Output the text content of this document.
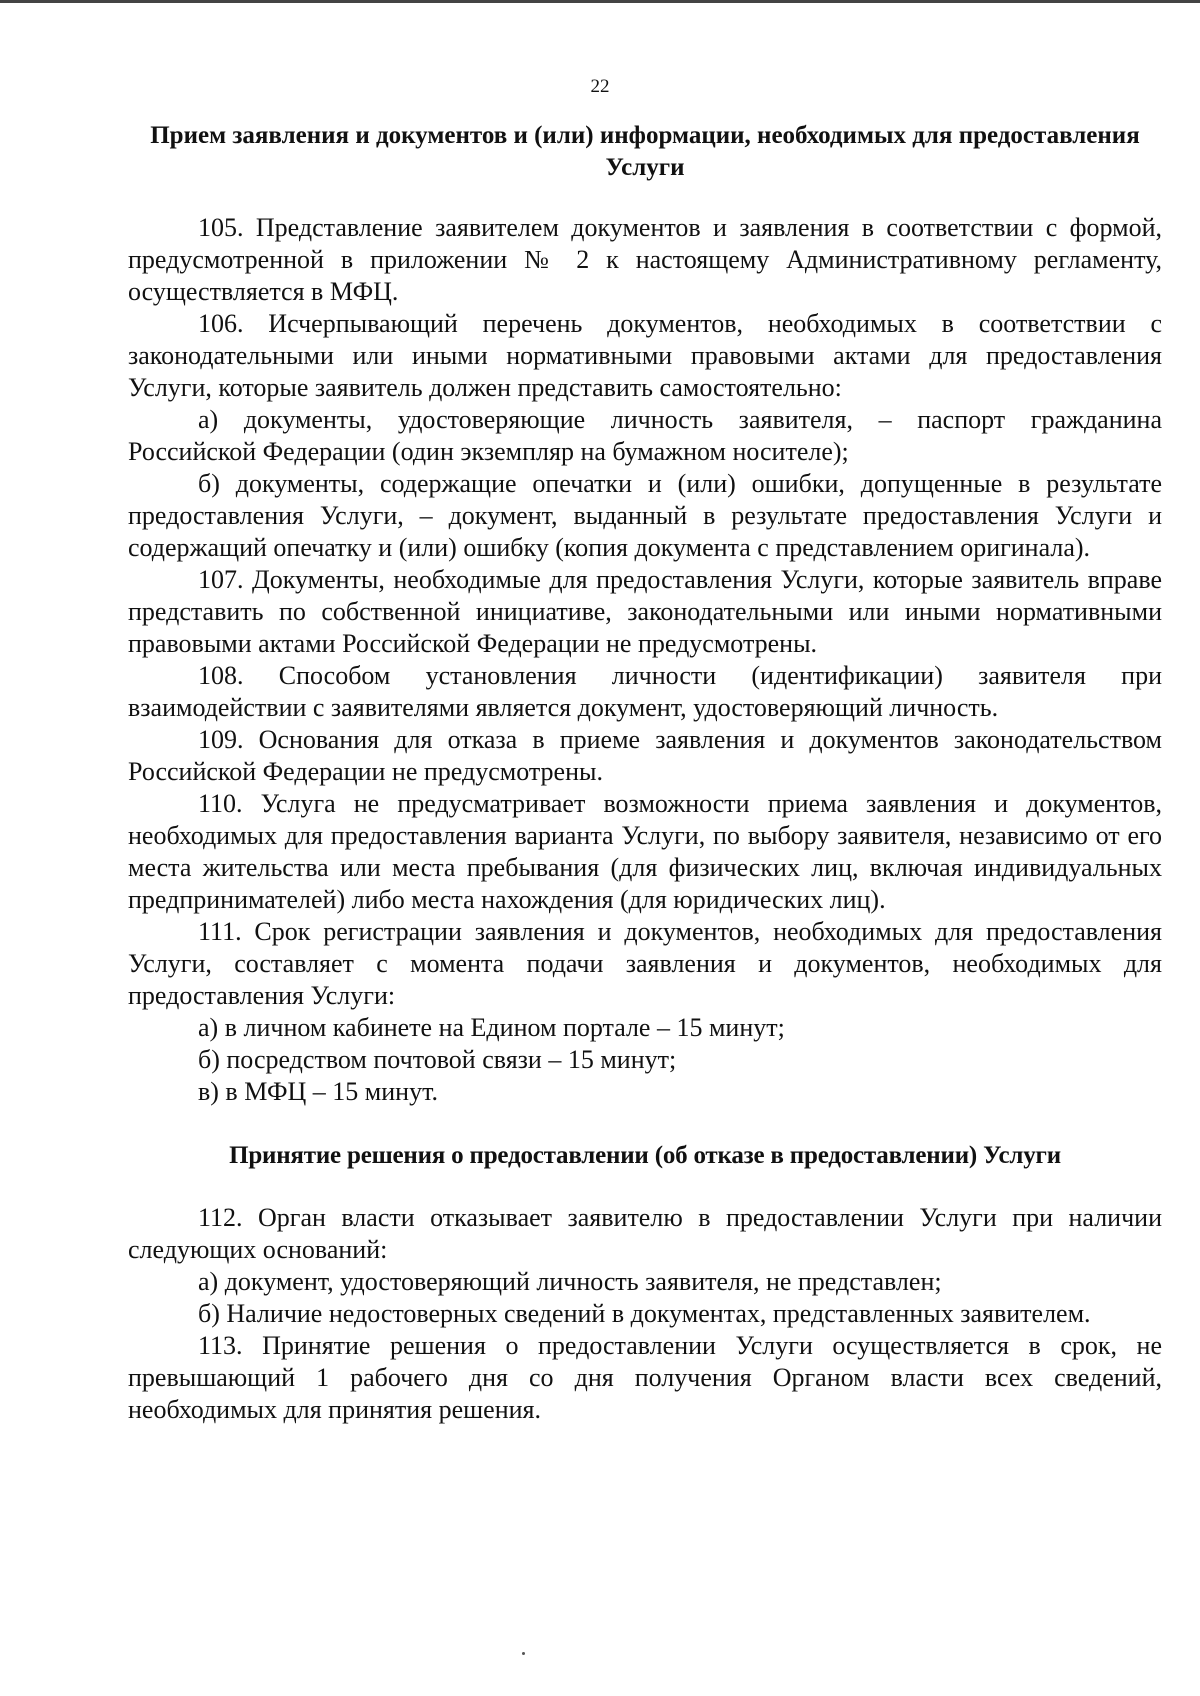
22
Прием заявления и документов и (или) информации, необходимых для предоставления Услуги

105. Представление заявителем документов и заявления в соответствии с формой, предусмотренной в приложении № 2 к настоящему Административному регламенту, осуществляется в МФЦ.

106. Исчерпывающий перечень документов, необходимых в соответствии с законодательными или иными нормативными правовыми актами для предоставления Услуги, которые заявитель должен представить самостоятельно:

а) документы, удостоверяющие личность заявителя, – паспорт гражданина Российской Федерации (один экземпляр на бумажном носителе);

б) документы, содержащие опечатки и (или) ошибки, допущенные в результате предоставления Услуги, – документ, выданный в результате предоставления Услуги и содержащий опечатку и (или) ошибку (копия документа с представлением оригинала).

107. Документы, необходимые для предоставления Услуги, которые заявитель вправе представить по собственной инициативе, законодательными или иными нормативными правовыми актами Российской Федерации не предусмотрены.

108. Способом установления личности (идентификации) заявителя при взаимодействии с заявителями является документ, удостоверяющий личность.

109. Основания для отказа в приеме заявления и документов законодательством Российской Федерации не предусмотрены.

110. Услуга не предусматривает возможности приема заявления и документов, необходимых для предоставления варианта Услуги, по выбору заявителя, независимо от его места жительства или места пребывания (для физических лиц, включая индивидуальных предпринимателей) либо места нахождения (для юридических лиц).

111. Срок регистрации заявления и документов, необходимых для предоставления Услуги, составляет с момента подачи заявления и документов, необходимых для предоставления Услуги:

а) в личном кабинете на Едином портале – 15 минут;

б) посредством почтовой связи – 15 минут;

в) в МФЦ – 15 минут.

Принятие решения о предоставлении (об отказе в предоставлении) Услуги

112. Орган власти отказывает заявителю в предоставлении Услуги при наличии следующих оснований:

а) документ, удостоверяющий личность заявителя, не представлен;

б) Наличие недостоверных сведений в документах, представленных заявителем.

113. Принятие решения о предоставлении Услуги осуществляется в срок, не превышающий 1 рабочего дня со дня получения Органом власти всех сведений, необходимых для принятия решения.
